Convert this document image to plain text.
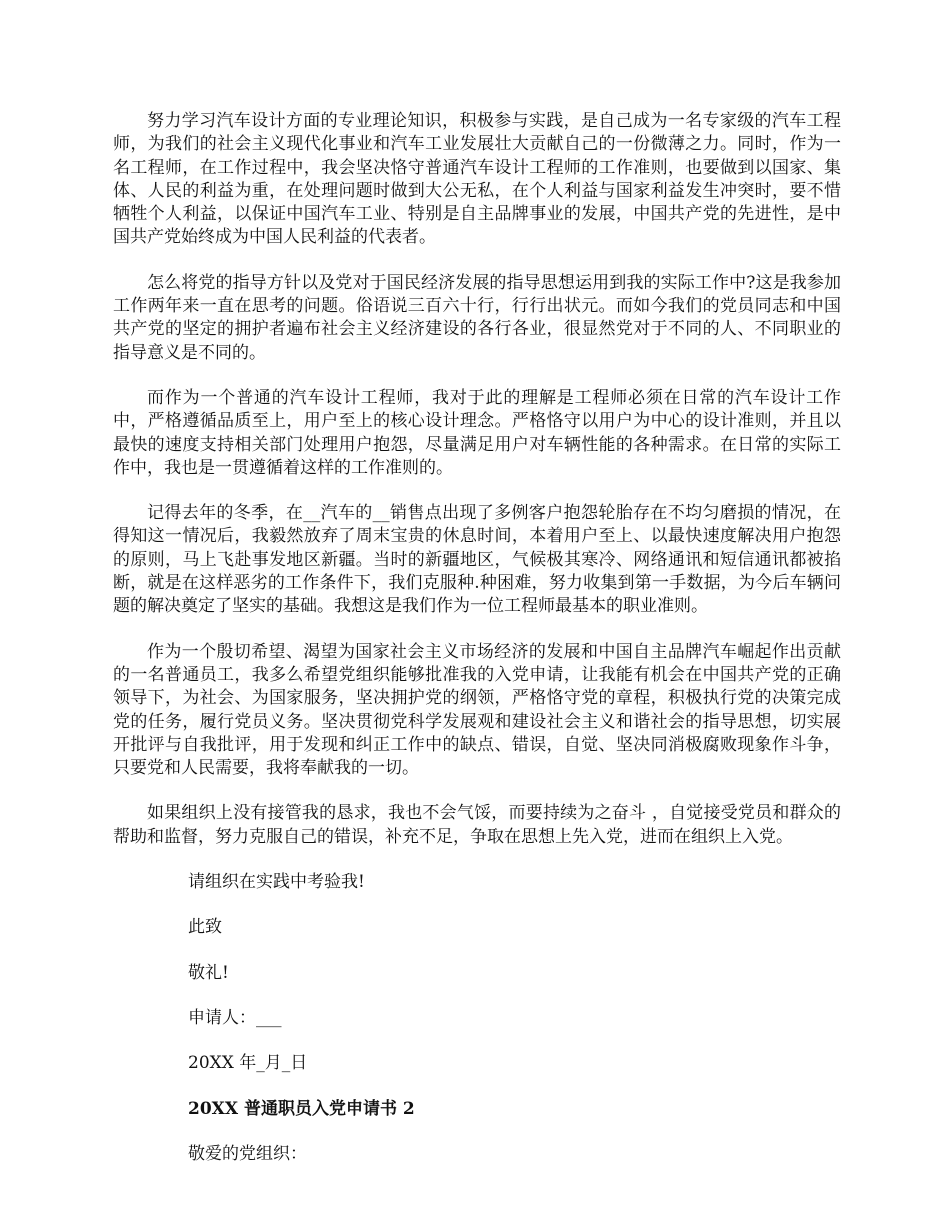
努力学习汽车设计方面的专业理论知识，积极参与实践，是自己成为一名专家级的汽车工程师，为我们的社会主义现代化事业和汽车工业发展壮大贡献自己的一份微薄之力。同时，作为一名工程师，在工作过程中，我会坚决恪守普通汽车设计工程师的工作准则，也要做到以国家、集体、人民的利益为重，在处理问题时做到大公无私，在个人利益与国家利益发生冲突时，要不惜牺牲个人利益，以保证中国汽车工业、特别是自主品牌事业的发展，中国共产党的先进性，是中国共产党始终成为中国人民利益的代表者。

怎么将党的指导方针以及党对于国民经济发展的指导思想运用到我的实际工作中?这是我参加工作两年来一直在思考的问题。俗语说三百六十行，行行出状元。而如今我们的党员同志和中国共产党的坚定的拥护者遍布社会主义经济建设的各行各业，很显然党对于不同的人、不同职业的指导意义是不同的。

而作为一个普通的汽车设计工程师，我对于此的理解是工程师必须在日常的汽车设计工作中，严格遵循品质至上，用户至上的核心设计理念。严格恪守以用户为中心的设计准则，并且以最快的速度支持相关部门处理用户抱怨，尽量满足用户对车辆性能的各种需求。在日常的实际工作中，我也是一贯遵循着这样的工作准则的。

记得去年的冬季，在__汽车的__销售点出现了多例客户抱怨轮胎存在不均匀磨损的情况，在得知这一情况后，我毅然放弃了周末宝贵的休息时间，本着用户至上、以最快速度解决用户抱怨的原则，马上飞赴事发地区新疆。当时的新疆地区，气候极其寒冷、网络通讯和短信通讯都被掐断，就是在这样恶劣的工作条件下，我们克服种.种困难，努力收集到第一手数据，为今后车辆问题的解决奠定了坚实的基础。我想这是我们作为一位工程师最基本的职业准则。

作为一个殷切希望、渴望为国家社会主义市场经济的发展和中国自主品牌汽车崛起作出贡献的一名普通员工，我多么希望党组织能够批准我的入党申请，让我能有机会在中国共产党的正确领导下，为社会、为国家服务，坚决拥护党的纲领，严格恪守党的章程，积极执行党的决策完成党的任务，履行党员义务。坚决贯彻党科学发展观和建设社会主义和谐社会的指导思想，切实展开批评与自我批评，用于发现和纠正工作中的缺点、错误，自觉、坚决同消极腐败现象作斗争，只要党和人民需要，我将奉献我的一切。

如果组织上没有接管我的恳求，我也不会气馁，而要持续为之奋斗 ，自觉接受党员和群众的帮助和监督，努力克服自己的错误，补充不足，争取在思想上先入党，进而在组织上入党。

请组织在实践中考验我!

此致

敬礼!

申请人：___

20XX 年_月_日

20XX 普通职员入党申请书 2

敬爱的党组织：
